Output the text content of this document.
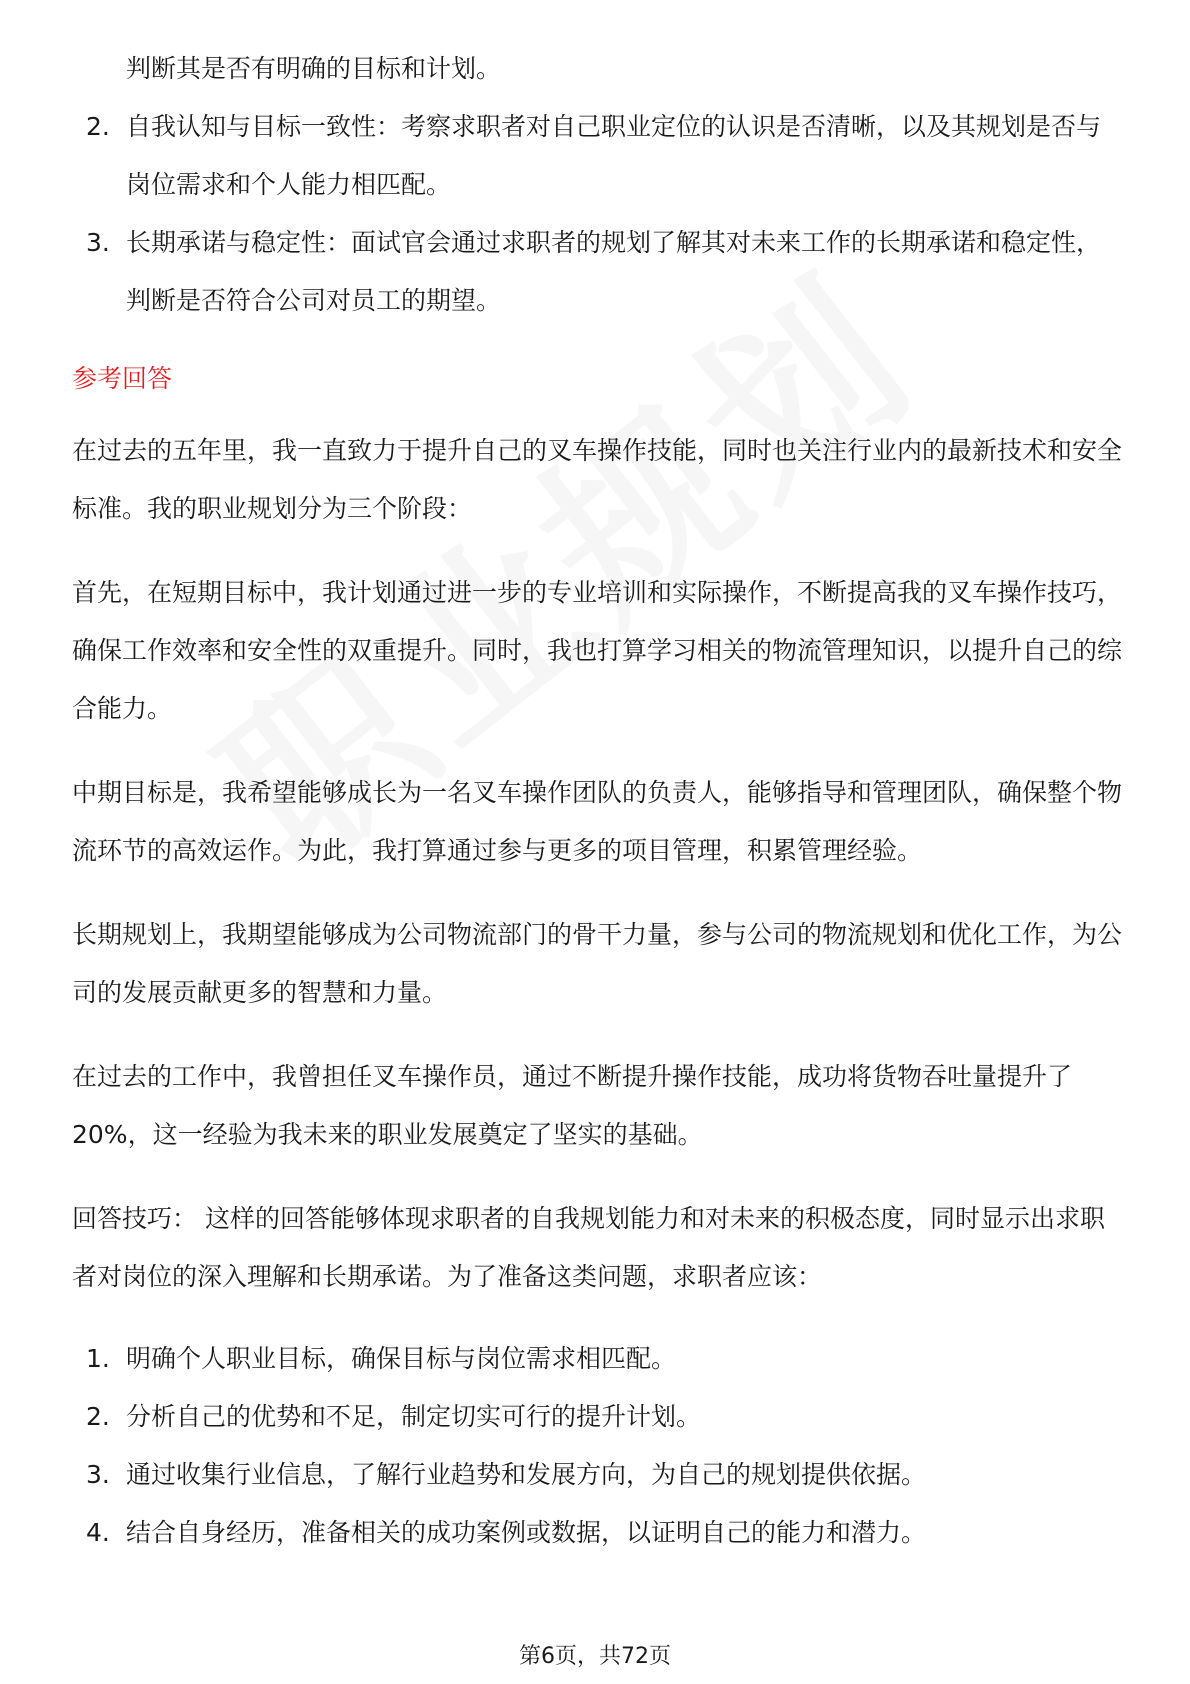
判断其是否有明确的目标和计划。

2. 自我认知与目标一致性：考察求职者对自己职业定位的认识是否清晰，以及其规划是否与岗位需求和个人能力相匹配。
3. 长期承诺与稳定性：面试官会通过求职者的规划了解其对未来工作的长期承诺和稳定性，判断是否符合公司对员工的期望。
参考回答

在过去的五年里，我一直致力于提升自己的叉车操作技能，同时也关注行业内的最新技术和安全标准。我的职业规划分为三个阶段：

首先，在短期目标中，我计划通过进一步的专业培训和实际操作，不断提高我的叉车操作技巧，确保工作效率和安全性的双重提升。同时，我也打算学习相关的物流管理知识，以提升自己的综合能力。

中期目标是，我希望能够成长为一名叉车操作团队的负责人，能够指导和管理团队，确保整个物流环节的高效运作。为此，我打算通过参与更多的项目管理，积累管理经验。

长期规划上，我期望能够成为公司物流部门的骨干力量，参与公司的物流规划和优化工作，为公司的发展贡献更多的智慧和力量。

在过去的工作中，我曾担任叉车操作员，通过不断提升操作技能，成功将货物吞吐量提升了20%，这一经验为我未来的职业发展奠定了坚实的基础。

回答技巧： 这样的回答能够体现求职者的自我规划能力和对未来的积极态度，同时显示出求职者对岗位的深入理解和长期承诺。为了准备这类问题，求职者应该：

1. 明确个人职业目标，确保目标与岗位需求相匹配。
2. 分析自己的优势和不足，制定切实可行的提升计划。
3. 通过收集行业信息，了解行业趋势和发展方向，为自己的规划提供依据。
4. 结合自身经历，准备相关的成功案例或数据，以证明自己的能力和潜力。
第6页，共72页
